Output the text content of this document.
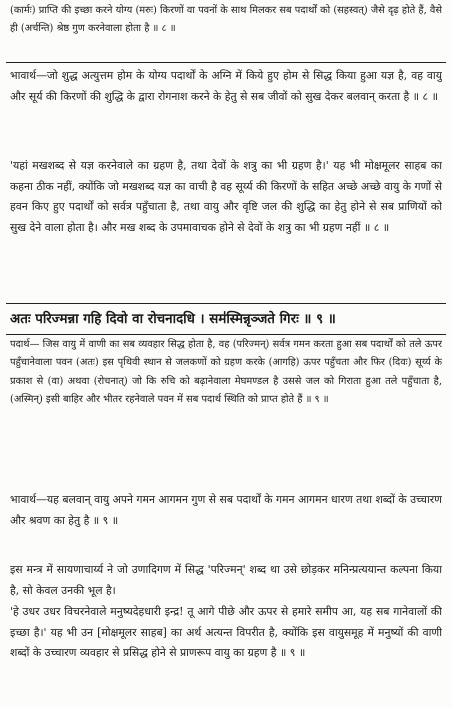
(कार्मः) प्राप्ति की इच्छा करने योग्य (मरुः) किरणों वा पवनों के साथ मिलकर सब पदार्थों को (सहस्वत्) जैसे दृढ़ होते हैं, वैसे ही (अर्चन्ति) श्रेष्ठ गुण करनेवाला होता है ॥ ८ ॥

भावार्थ—जो शुद्ध अत्युत्तम होम के योग्य पदार्थों के अग्नि में किये हुए होम से सिद्ध किया हुआ यज्ञ है, वह वायु और सूर्य की किरणों की शुद्धि के द्वारा रोगनाश करने के हेतु से सब जीवों को सुख देकर बलवान् करता है ॥ ८ ॥

'यहां मखशब्द से यज्ञ करनेवाले का ग्रहण है, तथा देवों के शत्रु का भी ग्रहण है।' यह भी मोक्षमूलर साहब का कहना ठीक नहीं, क्योंकि जो मखशब्द यज्ञ का वाची है वह सूर्य्य की किरणों के सहित अच्छे अच्छे वायु के गणों से हवन किए हुए पदार्थों को सर्वत्र पहुँचाता है, तथा वायु और वृष्टि जल की शुद्धि का हेतु होने से सब प्राणियों को सुख देने वाला होता है। और मख शब्द के उपमावाचक होने से देवों के शत्रु का भी ग्रहण नहीं ॥ ८ ॥

अतः परिज्मन्ना गहि दिवो वा रोचनादधि । सम॑स्मिन्नृञ्जते गिरः ॥ ९ ॥

पदार्थ— जिस वायु में वाणी का सब व्यवहार सिद्ध होता है, वह (परिज्मन्) सर्वत्र गमन करता हुआ सब पदार्थों को तले ऊपर पहुँचानेवाला पवन (अतः) इस पृथिवी स्थान से जलकणों को ग्रहण करके (आगहि) ऊपर पहुँचता और फिर (दिवः) सूर्य्य के प्रकाश से (वा) अथवा (रोचनात्) जो कि रुचि को बढ़ानेवाला मेघमण्डल है उससे जल को गिराता हुआ तले पहुँचाता है, (अस्मिन्) इसी बाहिर और भीतर रहनेवाले पवन में सब पदार्थ स्थिति को प्राप्त होते हैं ॥ ९ ॥

भावार्थ—यह बलवान् वायु अपने गमन आगमन गुण से सब पदार्थों के गमन आगमन धारण तथा शब्दों के उच्चारण और श्रवण का हेतु है ॥ ९ ॥

इस मन्त्र में सायणाचार्य्य ने जो उणादिगण में सिद्ध 'परिज्मन्' शब्द था उसे छोड़कर मनिन्प्रत्ययान्त कल्पना किया है, सो केवल उनकी भूल है।

'हे उधर उधर विचरनेवाले मनुष्यदेहधारी इन्द्र! तू आगे पीछे और ऊपर से हमारे समीप आ, यह सब गानेवालों की इच्छा है।' यह भी उन [मोक्षमूलर साहब] का अर्थ अत्यन्त विपरीत है, क्योंकि इस वायुसमूह में मनुष्यों की वाणी शब्दों के उच्चारण व्यवहार से प्रसिद्ध होने से प्राणरूप वायु का ग्रहण है ॥ ९ ॥
